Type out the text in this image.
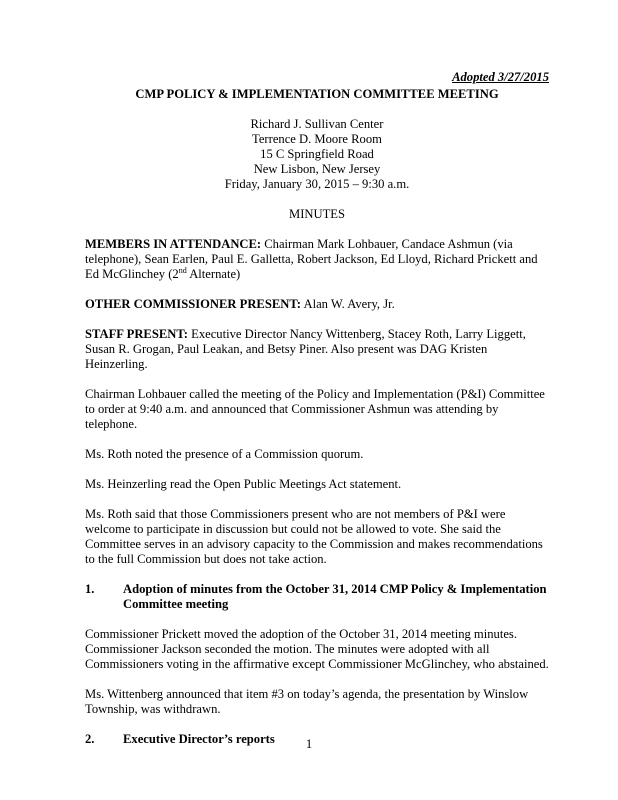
Adopted 3/27/2015
CMP POLICY & IMPLEMENTATION COMMITTEE MEETING
Richard J. Sullivan Center
Terrence D. Moore Room
15 C Springfield Road
New Lisbon, New Jersey
Friday, January 30, 2015 – 9:30 a.m.
MINUTES

MEMBERS IN ATTENDANCE: Chairman Mark Lohbauer, Candace Ashmun (via telephone), Sean Earlen, Paul E. Galletta, Robert Jackson, Ed Lloyd, Richard Prickett and Ed McGlinchey (2nd Alternate)

OTHER COMMISSIONER PRESENT: Alan W. Avery, Jr.

STAFF PRESENT: Executive Director Nancy Wittenberg, Stacey Roth, Larry Liggett, Susan R. Grogan, Paul Leakan, and Betsy Piner. Also present was DAG Kristen Heinzerling.

Chairman Lohbauer called the meeting of the Policy and Implementation (P&I) Committee to order at 9:40 a.m. and announced that Commissioner Ashmun was attending by telephone.

Ms. Roth noted the presence of a Commission quorum.

Ms. Heinzerling read the Open Public Meetings Act statement.

Ms. Roth said that those Commissioners present who are not members of P&I were welcome to participate in discussion but could not be allowed to vote. She said the Committee serves in an advisory capacity to the Commission and makes recommendations to the full Commission but does not take action.

1.	Adoption of minutes from the October 31, 2014 CMP Policy & Implementation Committee meeting

Commissioner Prickett moved the adoption of the October 31, 2014 meeting minutes. Commissioner Jackson seconded the motion. The minutes were adopted with all Commissioners voting in the affirmative except Commissioner McGlinchey, who abstained.

Ms. Wittenberg announced that item #3 on today’s agenda, the presentation by Winslow Township, was withdrawn.

2.	Executive Director’s reports	1
